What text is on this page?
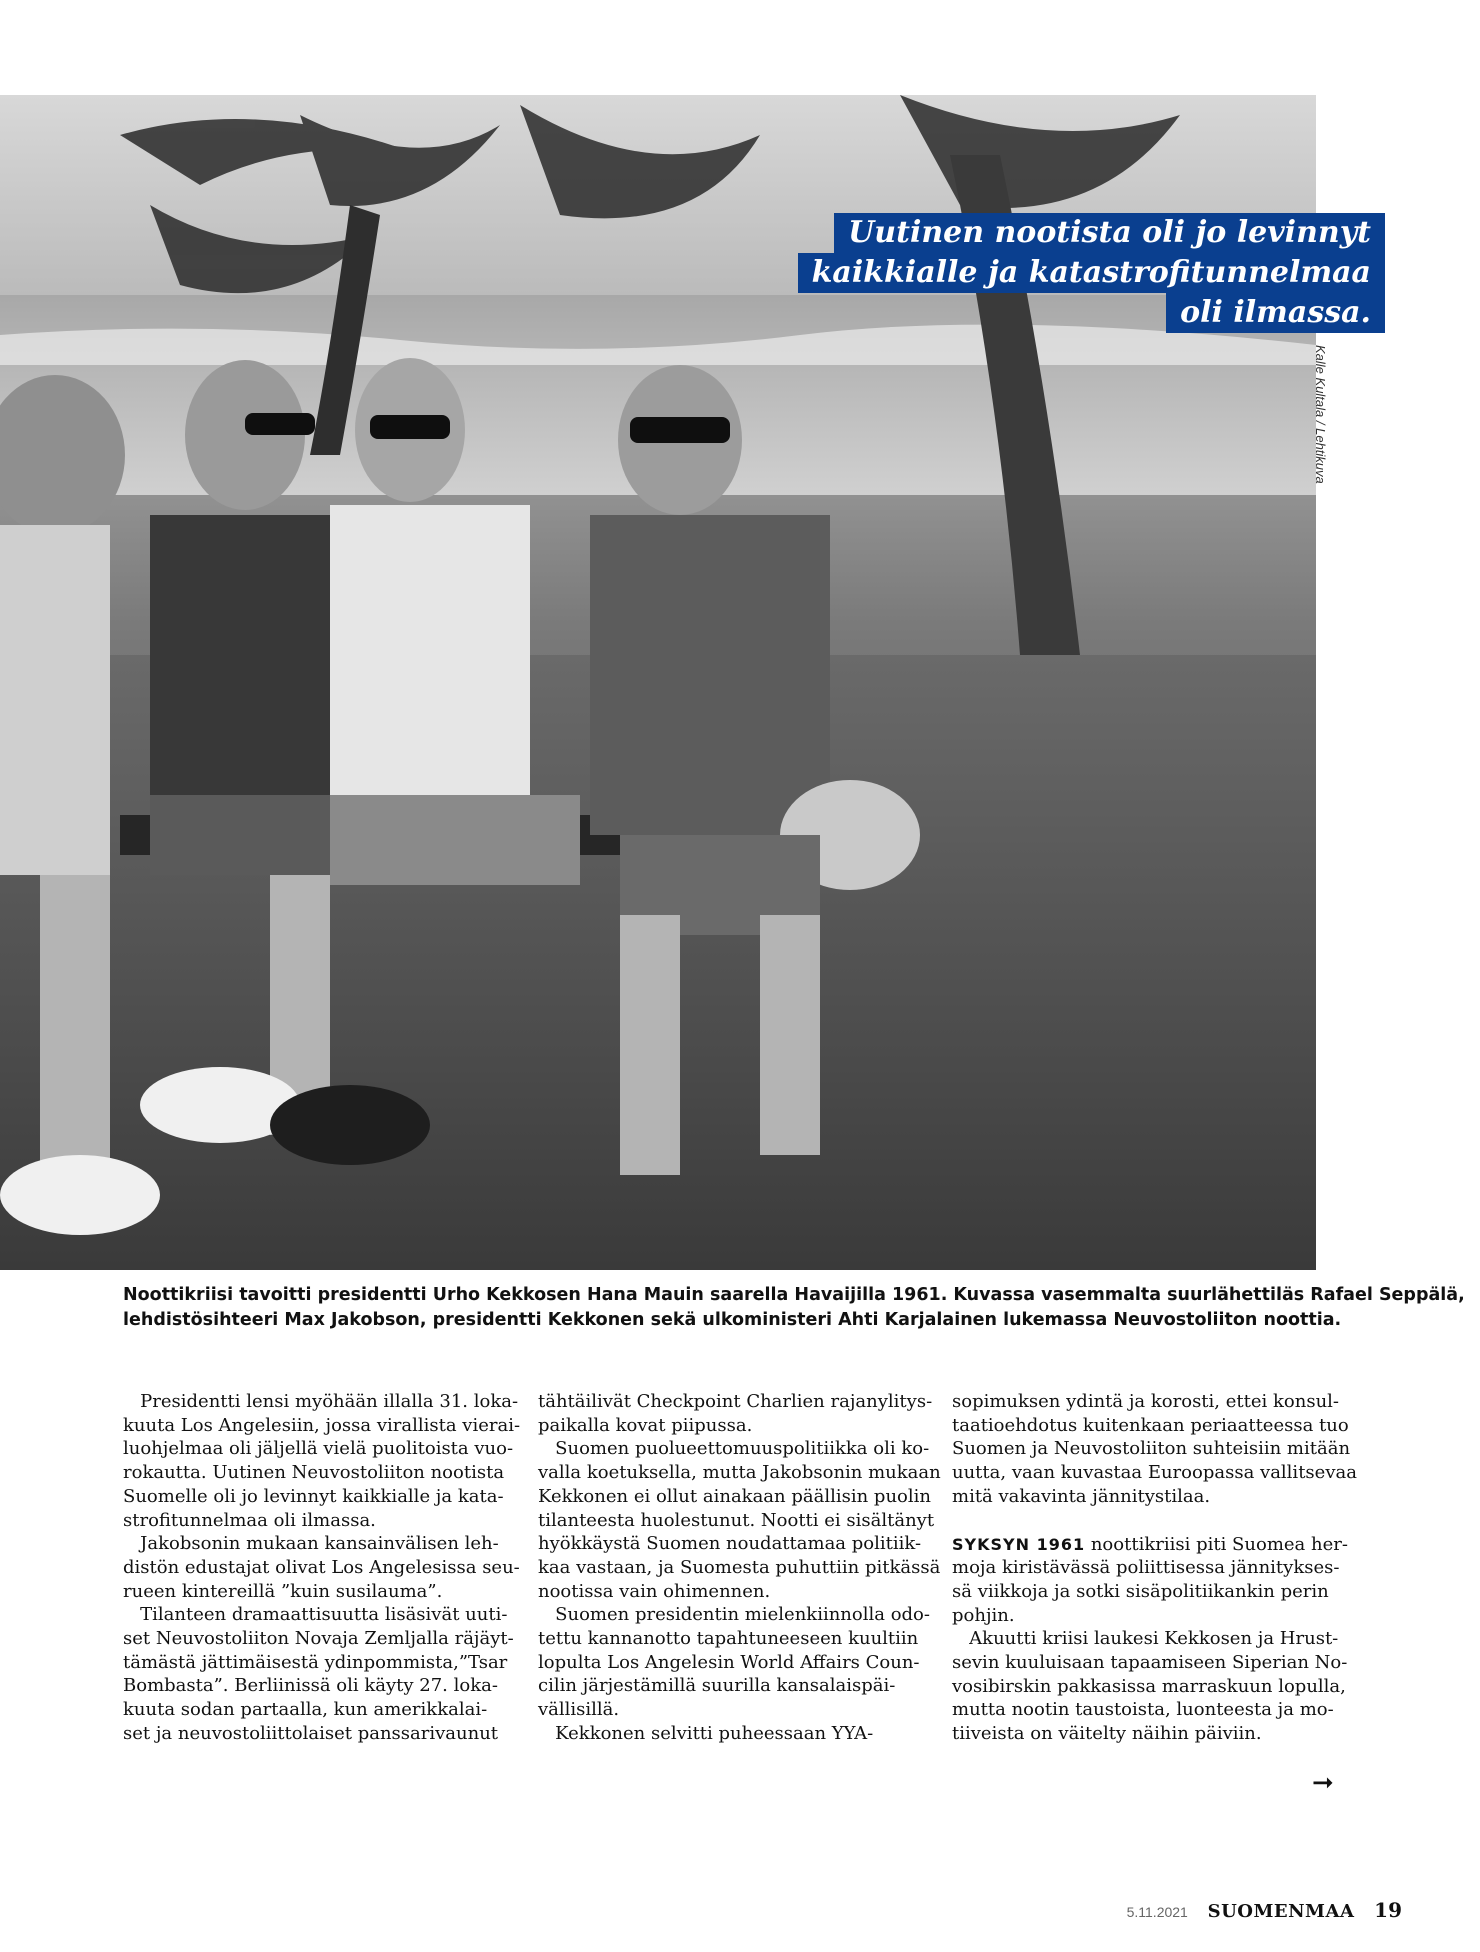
Uutinen nootista oli jo levinnyt
kaikkialle ja katastrofitunnelmaa
oli ilmassa.
Kalle Kultala / Lehtikuva

Noottikriisi tavoitti presidentti Urho Kekkosen Hana Mauin saarella Havaijilla 1961. Kuvassa vasemmalta suurlähettiläs Rafael Seppälä,

lehdistösihteeri Max Jakobson, presidentti Kekkonen sekä ulkoministeri Ahti Karjalainen lukemassa Neuvostoliiton noottia.

Presidentti lensi myöhään illalla 31. loka-

kuuta Los Angelesiin, jossa virallista vierai-

luohjelmaa oli jäljellä vielä puolitoista vuo-

rokautta. Uutinen Neuvostoliiton nootista

Suomelle oli jo levinnyt kaikkialle ja kata-

strofitunnelmaa oli ilmassa.

Jakobsonin mukaan kansainvälisen leh-

distön edustajat olivat Los Angelesissa seu-

rueen kintereillä ”kuin susilauma”.

Tilanteen dramaattisuutta lisäsivät uuti-

set Neuvostoliiton Novaja Zemljalla räjäyt-

tämästä jättimäisestä ydinpommista,”Tsar

Bombasta”. Berliinissä oli käyty 27. loka-

kuuta sodan partaalla, kun amerikkalai-

set ja neuvostoliittolaiset panssarivaunut

tähtäilivät Checkpoint Charlien rajanylitys-

paikalla kovat piipussa.

Suomen puolueettomuuspolitiikka oli ko-

valla koetuksella, mutta Jakobsonin mukaan

Kekkonen ei ollut ainakaan päällisin puolin

tilanteesta huolestunut. Nootti ei sisältänyt

hyökkäystä Suomen noudattamaa politiik-

kaa vastaan, ja Suomesta puhuttiin pitkässä

nootissa vain ohimennen.

Suomen presidentin mielenkiinnolla odo-

tettu kannanotto tapahtuneeseen kuultiin

lopulta Los Angelesin World Affairs Coun-

cilin järjestämillä suurilla kansalaispäi-

vällisillä.

Kekkonen selvitti puheessaan YYA-

sopimuksen ydintä ja korosti, ettei konsul-

taatioehdotus kuitenkaan periaatteessa tuo

Suomen ja Neuvostoliiton suhteisiin mitään

uutta, vaan kuvastaa Euroopassa vallitsevaa

mitä vakavinta jännitystilaa.

SYKSYN 1961 noottikriisi piti Suomea her-

moja kiristävässä poliittisessa jännitykses-

sä viikkoja ja sotki sisäpolitiikankin perin

pohjin.

Akuutti kriisi laukesi Kekkosen ja Hrust-

sevin kuuluisaan tapaamiseen Siperian No-

vosibirskin pakkasissa marraskuun lopulla,

mutta nootin taustoista, luonteesta ja mo-

tiiveista on väitelty näihin päiviin.

➞
5.11.2021 SUOMENMAA 19
